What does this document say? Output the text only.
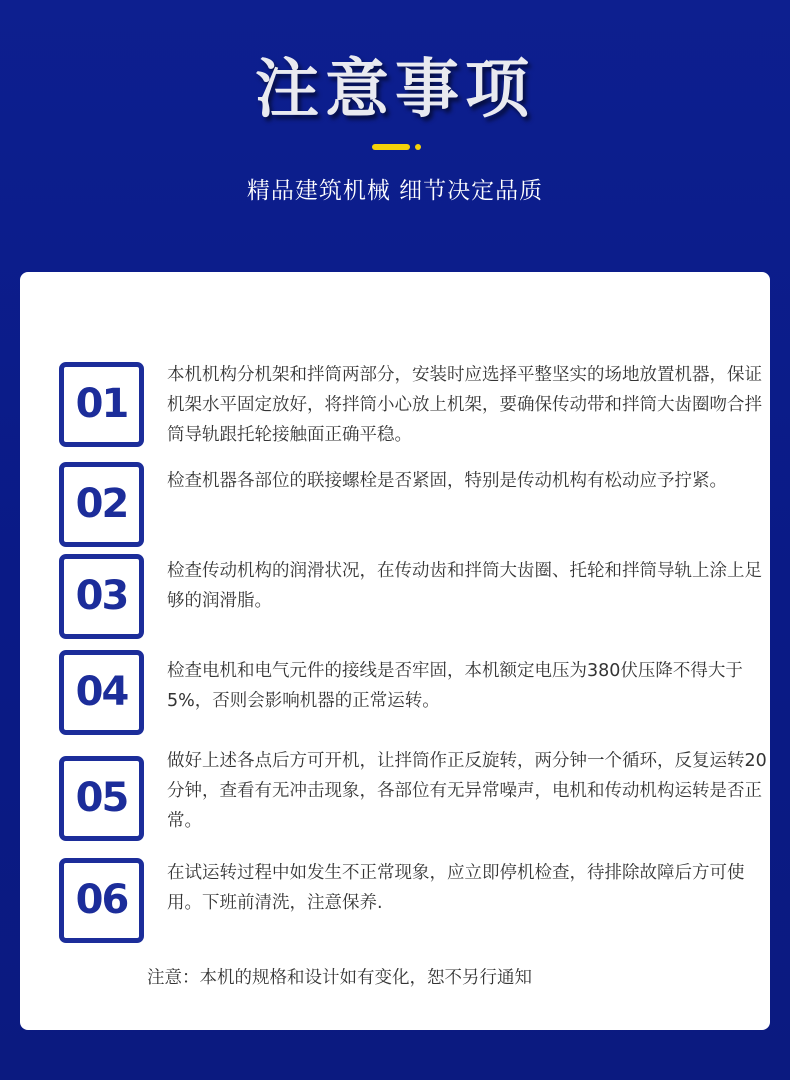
注意事项
精品建筑机械 细节决定品质
01
本机机构分机架和拌筒两部分，安装时应选择平整坚实的场地放置机器，保证机架水平固定放好，将拌筒小心放上机架，要确保传动带和拌筒大齿圈吻合拌筒导轨跟托轮接触面正确平稳。
02	检查机器各部位的联接螺栓是否紧固，特别是传动机构有松动应予拧紧。
03
检查传动机构的润滑状况，在传动齿和拌筒大齿圈、托轮和拌筒导轨上涂上足够的润滑脂。
04	检查电机和电气元件的接线是否牢固，本机额定电压为380伏压降不得大于5%，否则会影响机器的正常运转。
05
做好上述各点后方可开机，让拌筒作正反旋转，两分钟一个循环，反复运转20分钟，查看有无冲击现象，各部位有无异常噪声，电机和传动机构运转是否正常。
06
在试运转过程中如发生不正常现象，应立即停机检查，待排除故障后方可使用。下班前清洗，注意保养.
注意：本机的规格和设计如有变化，恕不另行通知
